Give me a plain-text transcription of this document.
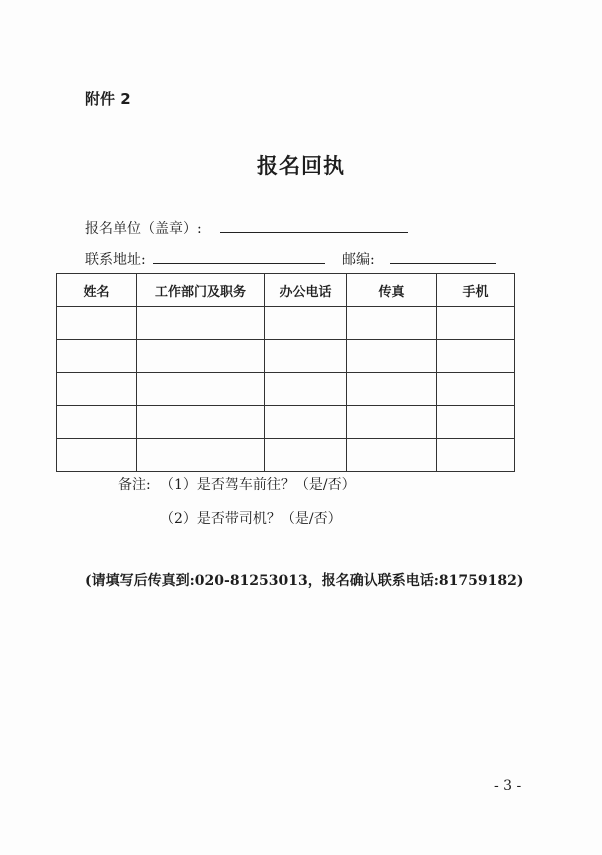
附件 2
报名回执
报名单位（盖章）:
联系地址:	邮编:
姓名	工作部门及职务	办公电话	传真	手机

备注: （1）是否驾车前往？（是/否）
（2）是否带司机？（是/否）
(请填写后传真到:020-81253013，报名确认联系电话:81759182)
- 3 -
